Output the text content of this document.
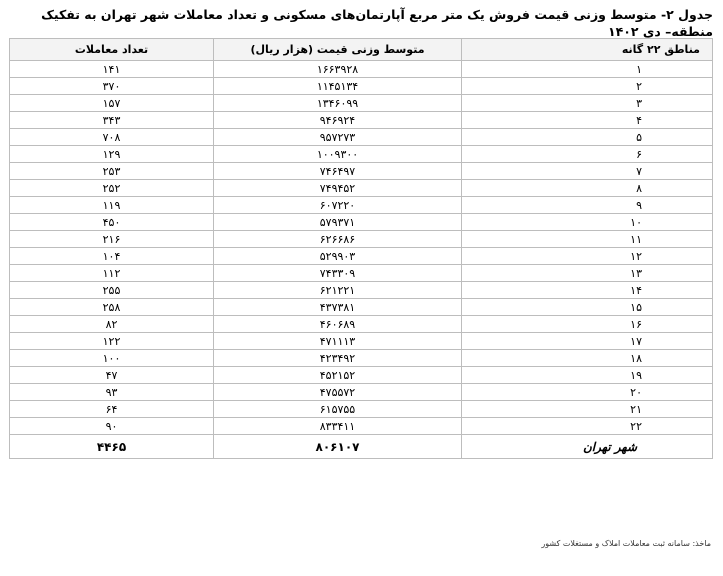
جدول ۲- متوسط وزنی قیمت فروش یک متر مربع آپارتمان‌های مسکونی و تعداد معاملات شهر تهران به تفکیک منطقه– دی ۱۴۰۲
مناطق ۲۲ گانه	متوسط وزنی قیمت (هزار ریال)	تعداد معاملات
۱	۱۶۶۳۹۲۸	۱۴۱
۲	۱۱۴۵۱۳۴	۳۷۰
۳	۱۳۴۶۰۹۹	۱۵۷
۴	۹۴۶۹۲۴	۳۴۳
۵	۹۵۷۲۷۳	۷۰۸
۶	۱۰۰۹۳۰۰	۱۲۹
۷	۷۴۶۴۹۷	۲۵۳
۸	۷۴۹۴۵۲	۲۵۲
۹	۶۰۷۲۲۰	۱۱۹
۱۰	۵۷۹۳۷۱	۴۵۰
۱۱	۶۲۶۶۸۶	۲۱۶
۱۲	۵۲۹۹۰۳	۱۰۴
۱۳	۷۴۳۳۰۹	۱۱۲
۱۴	۶۲۱۲۲۱	۲۵۵
۱۵	۴۳۷۳۸۱	۲۵۸
۱۶	۴۶۰۶۸۹	۸۲
۱۷	۴۷۱۱۱۳	۱۲۲
۱۸	۴۲۳۴۹۲	۱۰۰
۱۹	۴۵۲۱۵۲	۴۷
۲۰	۴۷۵۵۷۲	۹۳
۲۱	۶۱۵۷۵۵	۶۴
۲۲	۸۳۳۴۱۱	۹۰
شهر تهران	۸۰۶۱۰۷	۴۴۶۵
ماخذ: سامانه ثبت معاملات املاک و مستغلات کشور
